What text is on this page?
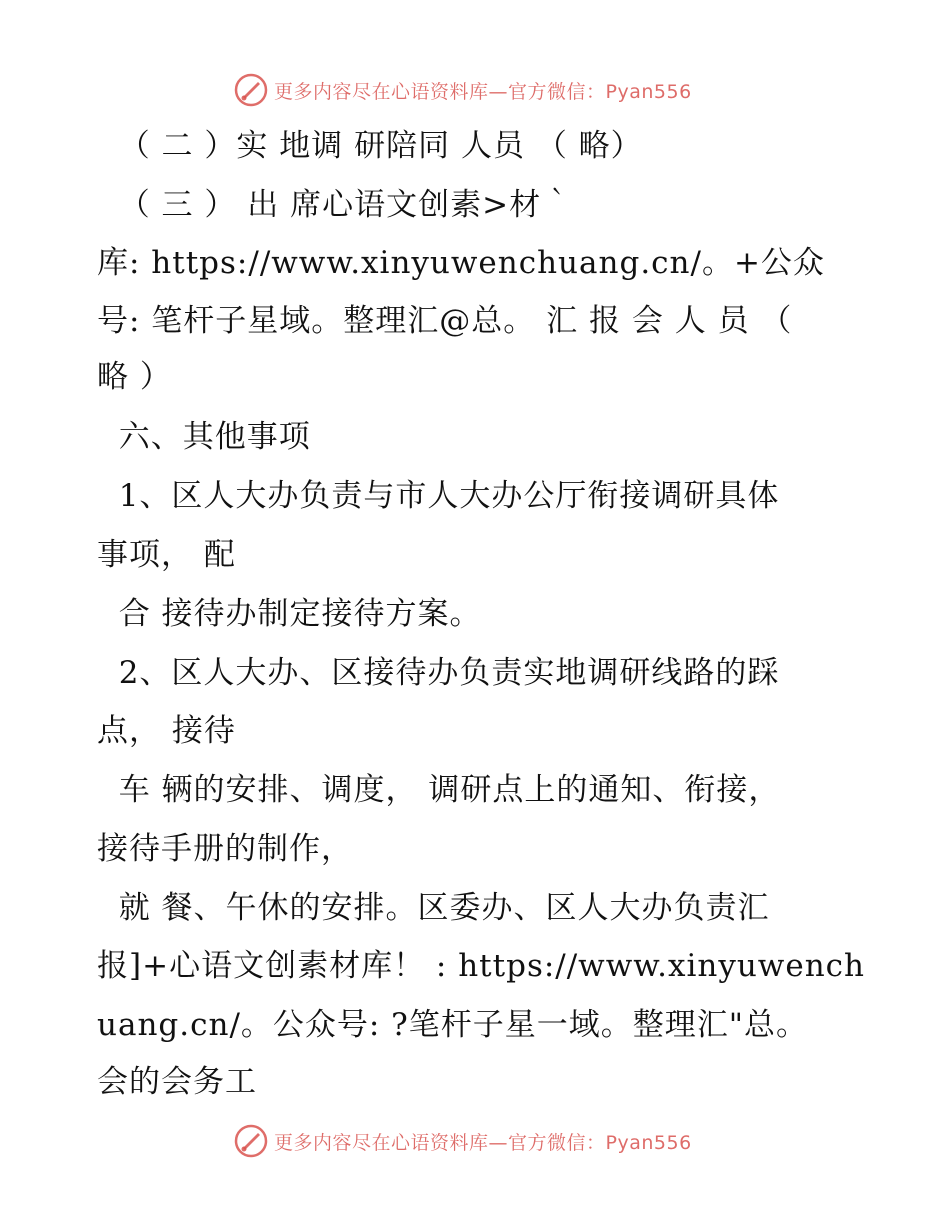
更多内容尽在心语资料库—官方微信：Pyan556
（ 二 ）实 地调 研陪同 人员 （ 略）
（ 三 ） 出 席心语文创素>材｀
库: https://www.xinyuwenchuang.cn/。+公众
号: 笔杆子星域。整理汇@总。 汇 报 会 人 员 （
略 ）
六、其他事项
1、区人大办负责与市人大办公厅衔接调研具体
事项， 配
合 接待办制定接待方案。
2、区人大办、区接待办负责实地调研线路的踩
点， 接待
车 辆的安排、调度， 调研点上的通知、衔接，
接待手册的制作，
就 餐、午休的安排。区委办、区人大办负责汇
报]+心语文创素材库！ : https://www.xinyuwench
uang.cn/。公众号: ?笔杆子星一域。整理汇"总。
会的会务工
更多内容尽在心语资料库—官方微信：Pyan556
